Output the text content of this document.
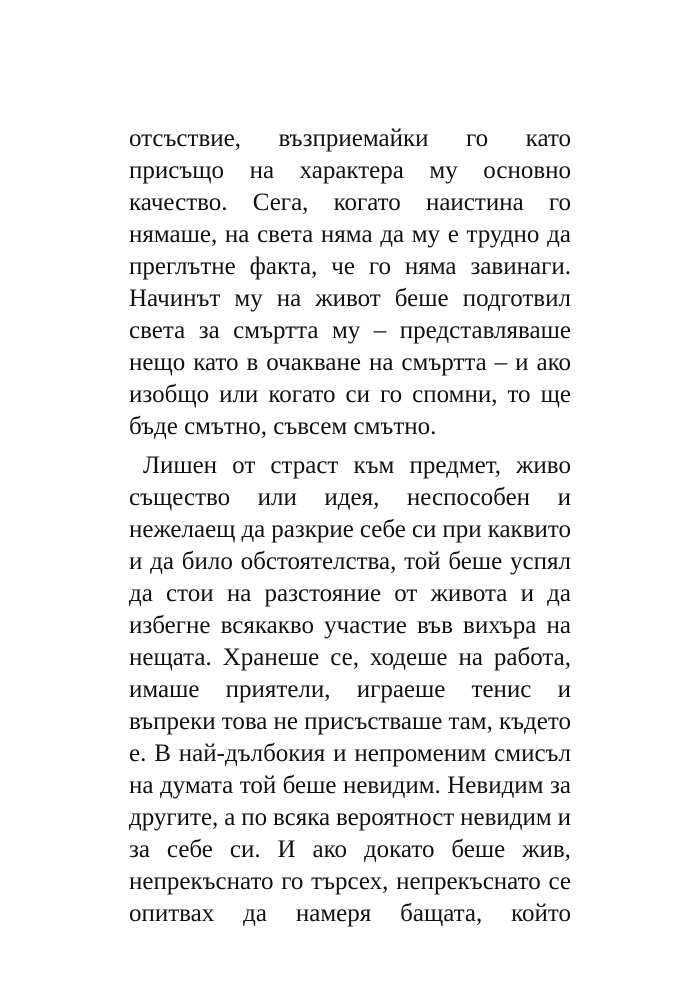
отсъствие, възприемайки го като
присъщо на характера му основно
качество. Сега, когато наистина го
нямаше, на света няма да му е трудно да
преглътне факта, че го няма завинаги.
Начинът му на живот беше подготвил
света за смъртта му – представляваше
нещо като в очакване на смъртта – и ако
изобщо или когато си го спомни, то ще
бъде смътно, съвсем смътно.
Лишен от страст към предмет, живо
същество или идея, неспособен и
нежелаещ да разкрие себе си при каквито
и да било обстоятелства, той беше успял
да стои на разстояние от живота и да
избегне всякакво участие във вихъра на
нещата. Хранеше се, ходеше на работа,
имаше приятели, играеше тенис и
въпреки това не присъстваше там, където
е. В най-дълбокия и непроменим смисъл
на думата той беше невидим. Невидим за
другите, а по всяка вероятност невидим и
за себе си. И ако докато беше жив,
непрекъснато го търсех, непрекъснато се
опитвах да намеря бащата, който
